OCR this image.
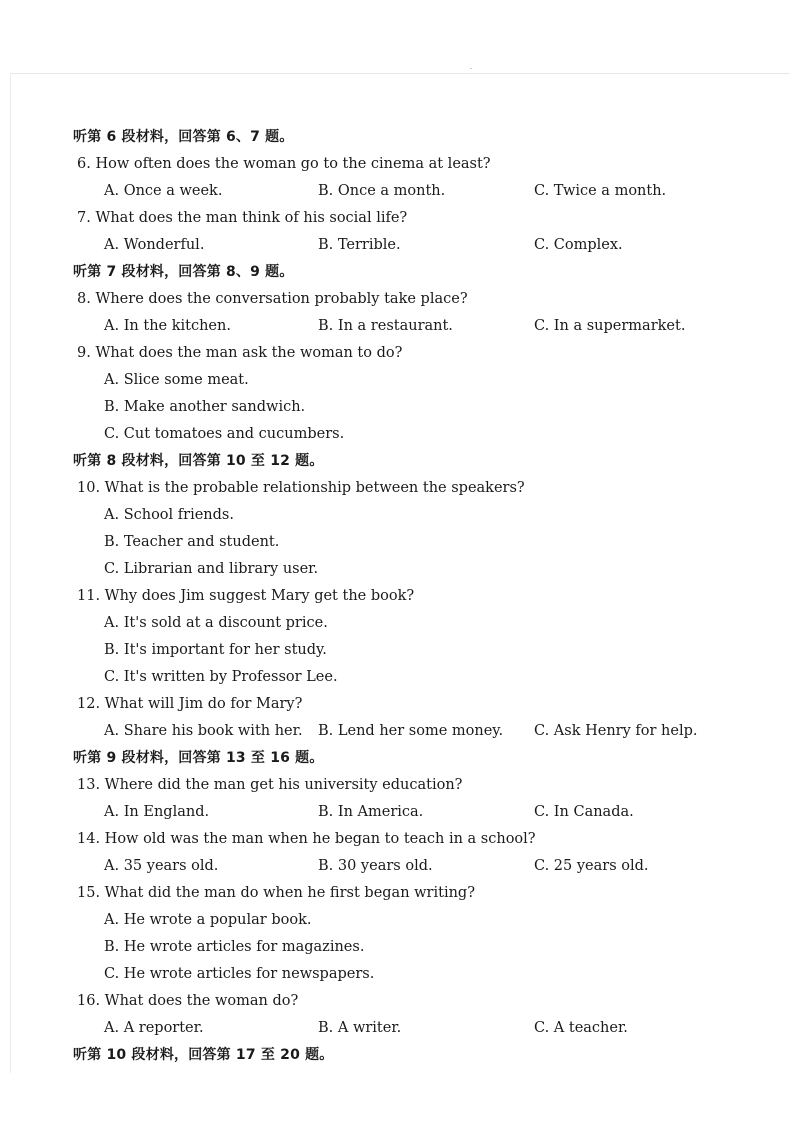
听第 6 段材料，回答第 6、7 题。
6. How often does the woman go to the cinema at least?
A. Once a week.	B. Once a month.	C. Twice a month.
7. What does the man think of his social life?
A. Wonderful.	B. Terrible.	C. Complex.
听第 7 段材料，回答第 8、9 题。
8. Where does the conversation probably take place?
A. In the kitchen.	B. In a restaurant.	C. In a supermarket.
9. What does the man ask the woman to do?
A. Slice some meat.
B. Make another sandwich.
C. Cut tomatoes and cucumbers.
听第 8 段材料，回答第 10 至 12 题。
10. What is the probable relationship between the speakers?
A. School friends.
B. Teacher and student.
C. Librarian and library user.
11. Why does Jim suggest Mary get the book?
A. It's sold at a discount price.
B. It's important for her study.
C. It's written by Professor Lee.
12. What will Jim do for Mary?
A. Share his book with her. B. Lend her some money. C. Ask Henry for help.
听第 9 段材料，回答第 13 至 16 题。
13. Where did the man get his university education?
A. In England.	B. In America.	C. In Canada.
14. How old was the man when he began to teach in a school?
A. 35 years old.	B. 30 years old.	C. 25 years old.
15. What did the man do when he first began writing?
A. He wrote a popular book.
B. He wrote articles for magazines.
C. He wrote articles for newspapers.
16. What does the woman do?
A. A reporter.	B. A writer.	C. A teacher.
听第 10 段材料，回答第 17 至 20 题。
